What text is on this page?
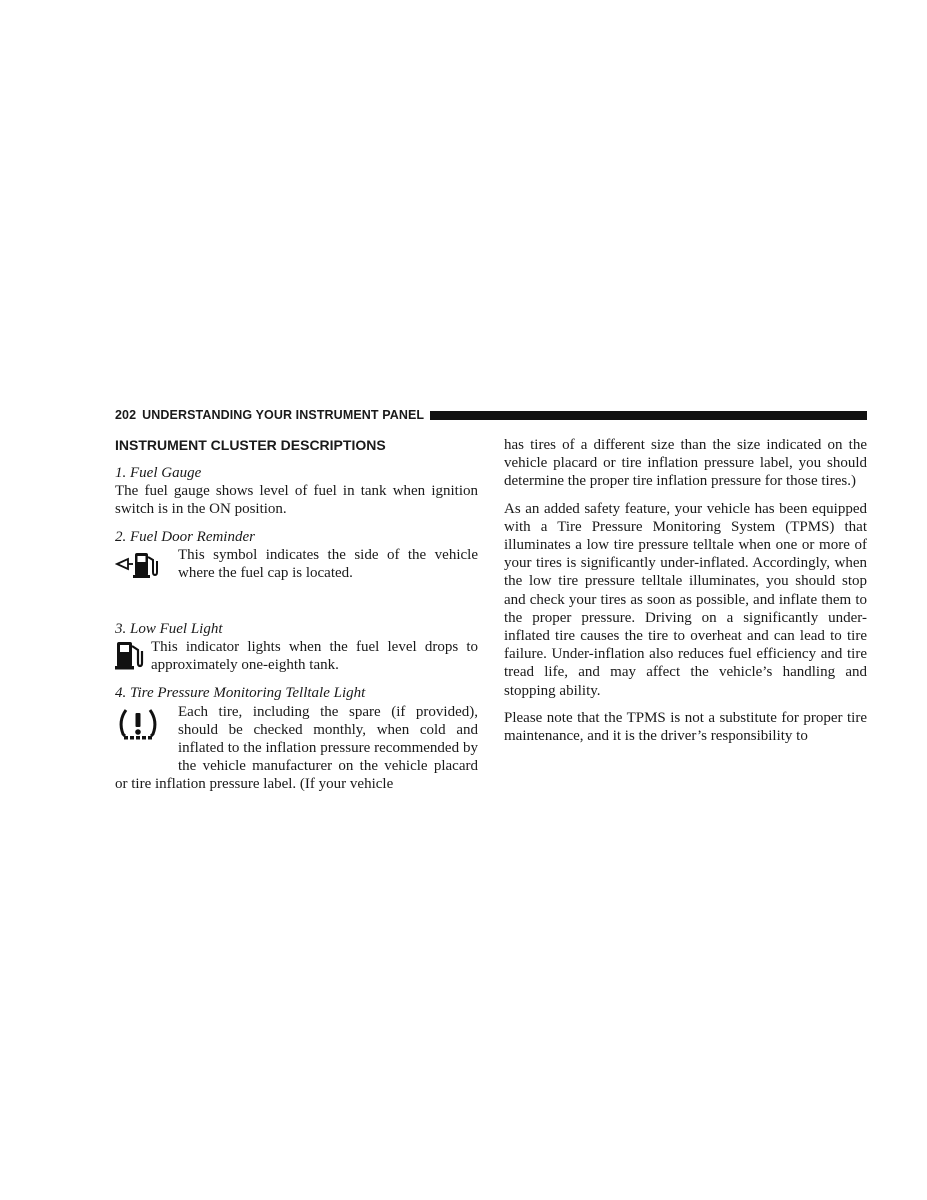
202 UNDERSTANDING YOUR INSTRUMENT PANEL
INSTRUMENT CLUSTER DESCRIPTIONS
1. Fuel Gauge

The fuel gauge shows level of fuel in tank when ignition switch is in the ON position.

2. Fuel Door Reminder
This symbol indicates the side of the vehicle where the fuel cap is located.
3. Low Fuel Light
This indicator lights when the fuel level drops to approximately one-eighth tank.
4. Tire Pressure Monitoring Telltale Light

Each tire, including the spare (if provided), should be checked monthly, when cold and inflated to the inflation pressure recommended by the vehicle manufacturer on the vehicle placard or tire inflation pressure label. (If your vehicle

has tires of a different size than the size indicated on the vehicle placard or tire inflation pressure label, you should determine the proper tire inflation pressure for those tires.)

As an added safety feature, your vehicle has been equipped with a Tire Pressure Monitoring System (TPMS) that illuminates a low tire pressure telltale when one or more of your tires is significantly under-inflated. Accordingly, when the low tire pressure telltale illuminates, you should stop and check your tires as soon as possible, and inflate them to the proper pressure. Driving on a significantly under-inflated tire causes the tire to overheat and can lead to tire failure. Under-inflation also reduces fuel efficiency and tire tread life, and may affect the vehicle’s handling and stopping ability.

Please note that the TPMS is not a substitute for proper tire maintenance, and it is the driver’s responsibility to
